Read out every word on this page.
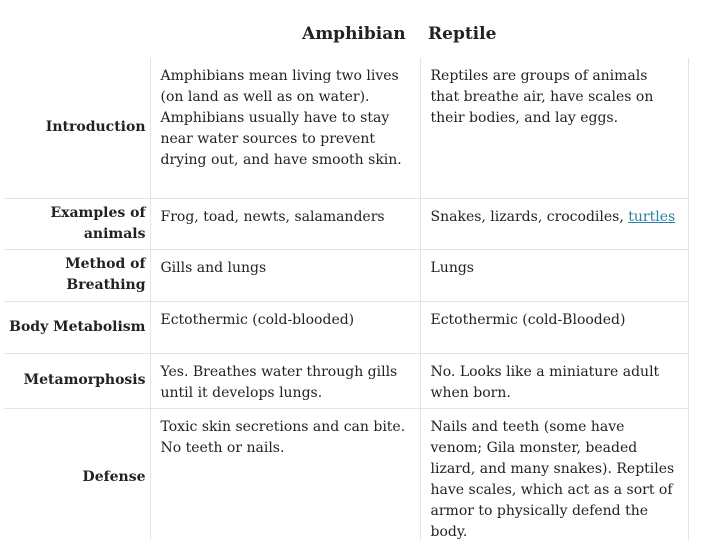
	Amphibian	Reptile
Introduction	Amphibians mean living two lives (on land as well as on water). Amphibians usually have to stay near water sources to prevent drying out, and have smooth skin.	Reptiles are groups of animals that breathe air, have scales on their bodies, and lay eggs.
Examples of animals	Frog, toad, newts, salamanders	Snakes, lizards, crocodiles, turtles
Method of Breathing	Gills and lungs	Lungs
Body Metabolism	Ectothermic (cold-blooded)	Ectothermic (cold-Blooded)
Metamorphosis	Yes. Breathes water through gills until it develops lungs.	No. Looks like a miniature adult when born.
Defense	Toxic skin secretions and can bite. No teeth or nails.	Nails and teeth (some have venom; Gila monster, beaded lizard, and many snakes). Reptiles have scales, which act as a sort of armor to physically defend the body.
